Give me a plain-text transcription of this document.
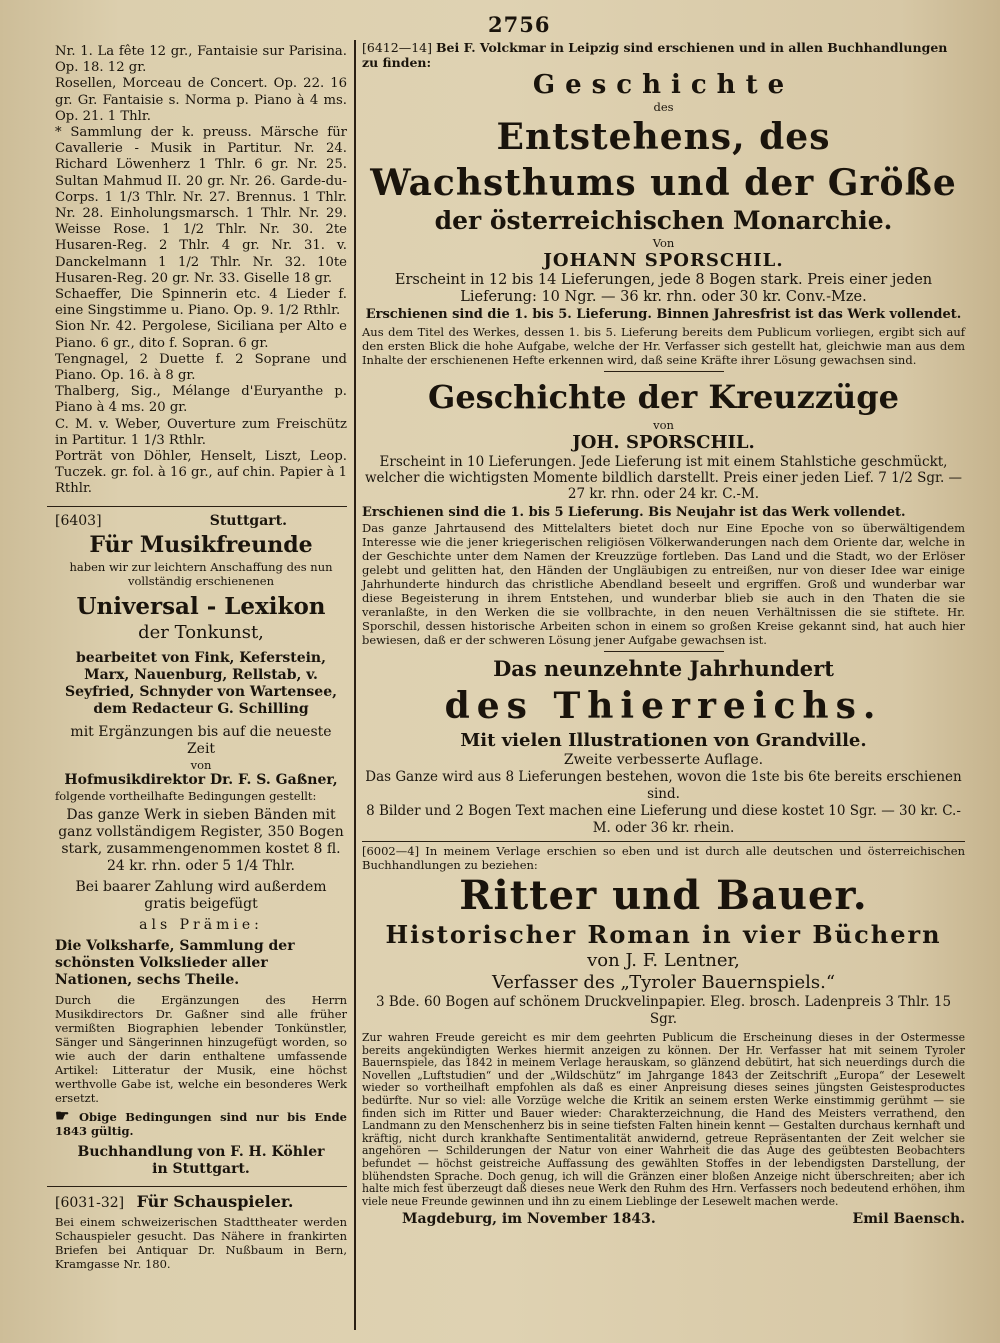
2756

Nr. 1. La fête 12 gr., Fantaisie sur Parisina. Op. 18. 12 gr.

Rosellen, Morceau de Concert. Op. 22. 16 gr. Gr. Fantaisie s. Norma p. Piano à 4 ms. Op. 21. 1 Thlr.

* Sammlung der k. preuss. Märsche für Cavallerie - Musik in Partitur. Nr. 24. Richard Löwenherz 1 Thlr. 6 gr. Nr. 25. Sultan Mahmud II. 20 gr. Nr. 26. Garde-du-Corps. 1 1/3 Thlr. Nr. 27. Brennus. 1 Thlr. Nr. 28. Einholungsmarsch. 1 Thlr. Nr. 29. Weisse Rose. 1 1/2 Thlr. Nr. 30. 2te Husaren-Reg. 2 Thlr. 4 gr. Nr. 31. v. Danckelmann 1 1/2 Thlr. Nr. 32. 10te Husaren-Reg. 20 gr. Nr. 33. Giselle 18 gr.

Schaeffer, Die Spinnerin etc. 4 Lieder f. eine Singstimme u. Piano. Op. 9. 1/2 Rthlr.

Sion Nr. 42. Pergolese, Siciliana per Alto e Piano. 6 gr., dito f. Sopran. 6 gr.

Tengnagel, 2 Duette f. 2 Soprane und Piano. Op. 16. à 8 gr.

Thalberg, Sig., Mélange d'Euryanthe p. Piano à 4 ms. 20 gr.

C. M. v. Weber, Ouverture zum Freischütz in Partitur. 1 1/3 Rthlr.

Porträt von Döhler, Henselt, Liszt, Leop. Tuczek. gr. fol. à 16 gr., auf chin. Papier à 1 Rthlr.

[6403]	Stuttgart.
Für Musikfreunde

haben wir zur leichtern Anschaffung des nun vollständig erschienenen

Universal - Lexikon
der Tonkunst,

bearbeitet von Fink, Keferstein, Marx, Nauenburg, Rellstab, v. Seyfried, Schnyder von Wartensee, dem Redacteur G. Schilling

mit Ergänzungen bis auf die neueste Zeit

von

Hofmusikdirektor Dr. F. S. Gaßner,

folgende vortheilhafte Bedingungen gestellt:

Das ganze Werk in sieben Bänden mit ganz vollständigem Register, 350 Bogen stark, zusammengenommen kostet 8 fl. 24 kr. rhn. oder 5 1/4 Thlr.

Bei baarer Zahlung wird außerdem gratis beigefügt

als Prämie:

Die Volksharfe, Sammlung der schönsten Volkslieder aller Nationen, sechs Theile.

Durch die Ergänzungen des Herrn Musikdirectors Dr. Gaßner sind alle früher vermißten Biographien lebender Tonkünstler, Sänger und Sängerinnen hinzugefügt worden, so wie auch der darin enthaltene umfassende Artikel: Litteratur der Musik, eine höchst werthvolle Gabe ist, welche ein besonderes Werk ersetzt.

☛ Obige Bedingungen sind nur bis Ende 1843 gültig.

Buchhandlung von F. H. Köhler

in Stuttgart.

[6031-32] Für Schauspieler.

Bei einem schweizerischen Stadttheater werden Schauspieler gesucht. Das Nähere in frankirten Briefen bei Antiquar Dr. Nußbaum in Bern, Kramgasse Nr. 180.

[6412—14] Bei F. Volckmar in Leipzig sind erschienen und in allen Buchhandlungen zu finden:

Geschichte
des
Entstehens, des Wachsthums und der Größe
der österreichischen Monarchie.
Von
JOHANN SPORSCHIL.

Erscheint in 12 bis 14 Lieferungen, jede 8 Bogen stark. Preis einer jeden Lieferung: 10 Ngr. — 36 kr. rhn. oder 30 kr. Conv.-Mze.

Erschienen sind die 1. bis 5. Lieferung. Binnen Jahresfrist ist das Werk vollendet.

Aus dem Titel des Werkes, dessen 1. bis 5. Lieferung bereits dem Publicum vorliegen, ergibt sich auf den ersten Blick die hohe Aufgabe, welche der Hr. Verfasser sich gestellt hat, gleichwie man aus dem Inhalte der erschienenen Hefte erkennen wird, daß seine Kräfte ihrer Lösung gewachsen sind.

Geschichte der Kreuzzüge
von
JOH. SPORSCHIL.

Erscheint in 10 Lieferungen. Jede Lieferung ist mit einem Stahlstiche geschmückt, welcher die wichtigsten Momente bildlich darstellt. Preis einer jeden Lief. 7 1/2 Sgr. — 27 kr. rhn. oder 24 kr. C.-M.

Erschienen sind die 1. bis 5 Lieferung. Bis Neujahr ist das Werk vollendet.

Das ganze Jahrtausend des Mittelalters bietet doch nur Eine Epoche von so überwältigendem Interesse wie die jener kriegerischen religiösen Völkerwanderungen nach dem Oriente dar, welche in der Geschichte unter dem Namen der Kreuzzüge fortleben. Das Land und die Stadt, wo der Erlöser gelebt und gelitten hat, den Händen der Ungläubigen zu entreißen, nur von dieser Idee war einige Jahrhunderte hindurch das christliche Abendland beseelt und ergriffen. Groß und wunderbar war diese Begeisterung in ihrem Entstehen, und wunderbar blieb sie auch in den Thaten die sie veranlaßte, in den Werken die sie vollbrachte, in den neuen Verhältnissen die sie stiftete. Hr. Sporschil, dessen historische Arbeiten schon in einem so großen Kreise gekannt sind, hat auch hier bewiesen, daß er der schweren Lösung jener Aufgabe gewachsen ist.

Das neunzehnte Jahrhundert
des Thierreichs.
Mit vielen Illustrationen von Grandville.

Zweite verbesserte Auflage.

Das Ganze wird aus 8 Lieferungen bestehen, wovon die 1ste bis 6te bereits erschienen sind.

8 Bilder und 2 Bogen Text machen eine Lieferung und diese kostet 10 Sgr. — 30 kr. C.-M. oder 36 kr. rhein.

[6002—4] In meinem Verlage erschien so eben und ist durch alle deutschen und österreichischen Buchhandlungen zu beziehen:

Ritter und Bauer.
Historischer Roman in vier Büchern
von J. F. Lentner,
Verfasser des „Tyroler Bauernspiels.“

3 Bde. 60 Bogen auf schönem Druckvelinpapier. Eleg. brosch. Ladenpreis 3 Thlr. 15 Sgr.

Zur wahren Freude gereicht es mir dem geehrten Publicum die Erscheinung dieses in der Ostermesse bereits angekündigten Werkes hiermit anzeigen zu können. Der Hr. Verfasser hat mit seinem Tyroler Bauernspiele, das 1842 in meinem Verlage herauskam, so glänzend debütirt, hat sich neuerdings durch die Novellen „Luftstudien“ und der „Wildschütz“ im Jahrgange 1843 der Zeitschrift „Europa“ der Lesewelt wieder so vortheilhaft empfohlen als daß es einer Anpreisung dieses seines jüngsten Geistesproductes bedürfte. Nur so viel: alle Vorzüge welche die Kritik an seinem ersten Werke einstimmig gerühmt — sie finden sich im Ritter und Bauer wieder: Charakterzeichnung, die Hand des Meisters verrathend, den Landmann zu den Menschenherz bis in seine tiefsten Falten hinein kennt — Gestalten durchaus kernhaft und kräftig, nicht durch krankhafte Sentimentalität anwidernd, getreue Repräsentanten der Zeit welcher sie angehören — Schilderungen der Natur von einer Wahrheit die das Auge des geübtesten Beobachters befundet — höchst geistreiche Auffassung des gewählten Stoffes in der lebendigsten Darstellung, der blühendsten Sprache. Doch genug, ich will die Gränzen einer bloßen Anzeige nicht überschreiten; aber ich halte mich fest überzeugt daß dieses neue Werk den Ruhm des Hrn. Verfassers noch bedeutend erhöhen, ihm viele neue Freunde gewinnen und ihn zu einem Lieblinge der Lesewelt machen werde.

Magdeburg, im November 1843.	Emil Baensch.
